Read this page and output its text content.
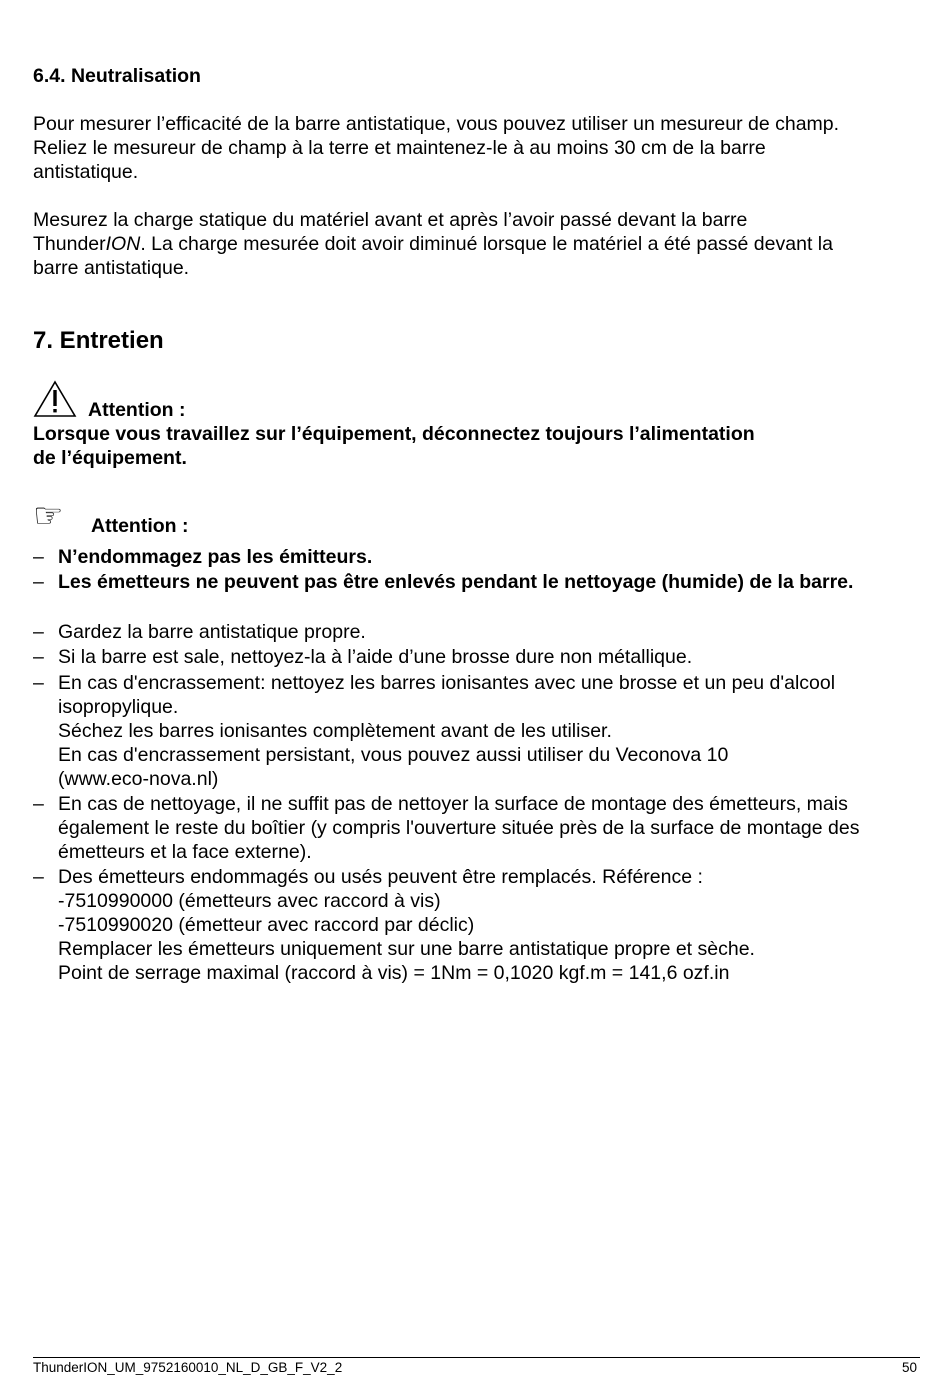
6.4. Neutralisation
Pour mesurer l’efficacité de la barre antistatique, vous pouvez utiliser un mesureur de champ.
Reliez le mesureur de champ à la terre et maintenez-le à au moins 30 cm de la barre
antistatique.
Mesurez la charge statique du matériel avant et après l’avoir passé devant la barre
ThunderION. La charge mesurée doit avoir diminué lorsque le matériel a été passé devant la
barre antistatique.
7. Entretien
Attention :
Lorsque vous travaillez sur l’équipement, déconnectez toujours l’alimentation
de l’équipement.
☞ Attention :
– N’endommagez pas les émitteurs.
– Les émetteurs ne peuvent pas être enlevés pendant le nettoyage (humide) de la barre.
– Gardez la barre antistatique propre.
– Si la barre est sale, nettoyez-la à l’aide d’une brosse dure non métallique.
– En cas d'encrassement: nettoyez les barres ionisantes avec une brosse et un peu d'alcool
isopropylique.
Séchez les barres ionisantes complètement avant de les utiliser.
En cas d'encrassement persistant, vous pouvez aussi utiliser du Veconova 10
(www.eco-nova.nl)
– En cas de nettoyage, il ne suffit pas de nettoyer la surface de montage des émetteurs, mais
également le reste du boîtier (y compris l'ouverture située près de la surface de montage des
émetteurs et la face externe).
– Des émetteurs endommagés ou usés peuvent être remplacés. Référence :
-7510990000 (émetteurs avec raccord à vis)
-7510990020 (émetteur avec raccord par déclic)
Remplacer les émetteurs uniquement sur une barre antistatique propre et sèche.
Point de serrage maximal (raccord à vis) = 1Nm = 0,1020 kgf.m = 141,6 ozf.in
ThunderION_UM_9752160010_NL_D_GB_F_V2_2	50
